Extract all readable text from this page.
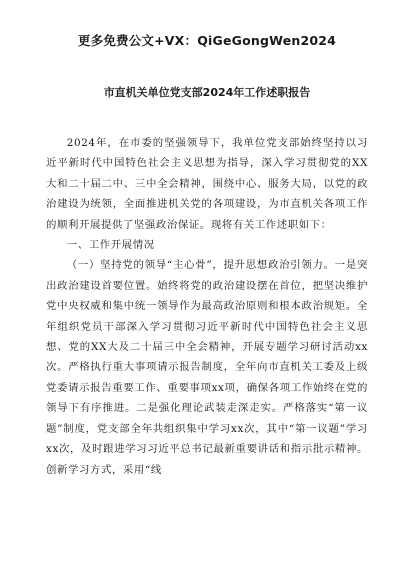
更多免费公文+VX：QiGeGongWen2024
市直机关单位党支部2024年工作述职报告

2024年，在市委的坚强领导下，我单位党支部始终坚持以习近平新时代中国特色社会主义思想为指导，深入学习贯彻党的XX大和二十届二中、三中全会精神，围绕中心、服务大局，以党的政治建设为统领，全面推进机关党的各项建设，为市直机关各项工作的顺利开展提供了坚强政治保证。现将有关工作述职如下：

一、工作开展情况

（一）坚持党的领导“主心骨”，提升思想政治引领力。一是突出政治建设首要位置。始终将党的政治建设摆在首位，把坚决维护党中央权威和集中统一领导作为最高政治原则和根本政治规矩。全年组织党员干部深入学习贯彻习近平新时代中国特色社会主义思想、党的XX大及二十届三中全会精神，开展专题学习研讨活动xx次。严格执行重大事项请示报告制度，全年向市直机关工委及上级党委请示报告重要工作、重要事项xx项，确保各项工作始终在党的领导下有序推进。二是强化理论武装走深走实。严格落实“第一议题”制度，党支部全年共组织集中学习xx次，其中“第一议题”学习xx次，及时跟进学习习近平总书记最新重要讲话和指示批示精神。创新学习方式，采用“线
